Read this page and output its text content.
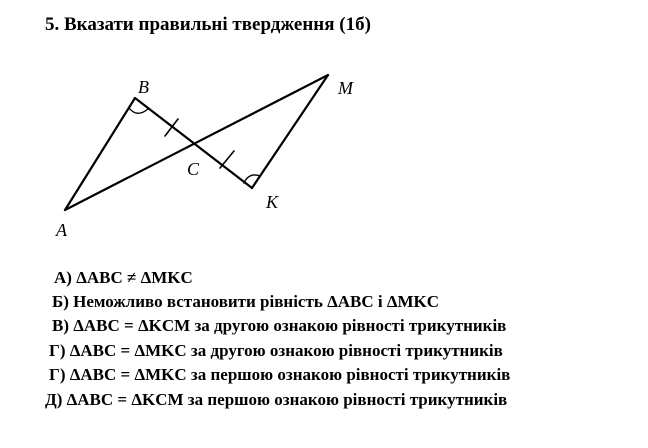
5. Вказати правильні твердження (1б)
B	M
C
K
A
А) ΔABC ≠ ΔMKC
Б) Неможливо встановити рівність ΔABC і ΔMKC
В) ΔABC = ΔKCM за другою ознакою рівності трикутників
Г) ΔABC = ΔMKC за другою ознакою рівності трикутників
Г) ΔABC = ΔMKC за першою ознакою рівності трикутників
Д) ΔABC = ΔKCM за першою ознакою рівності трикутників
